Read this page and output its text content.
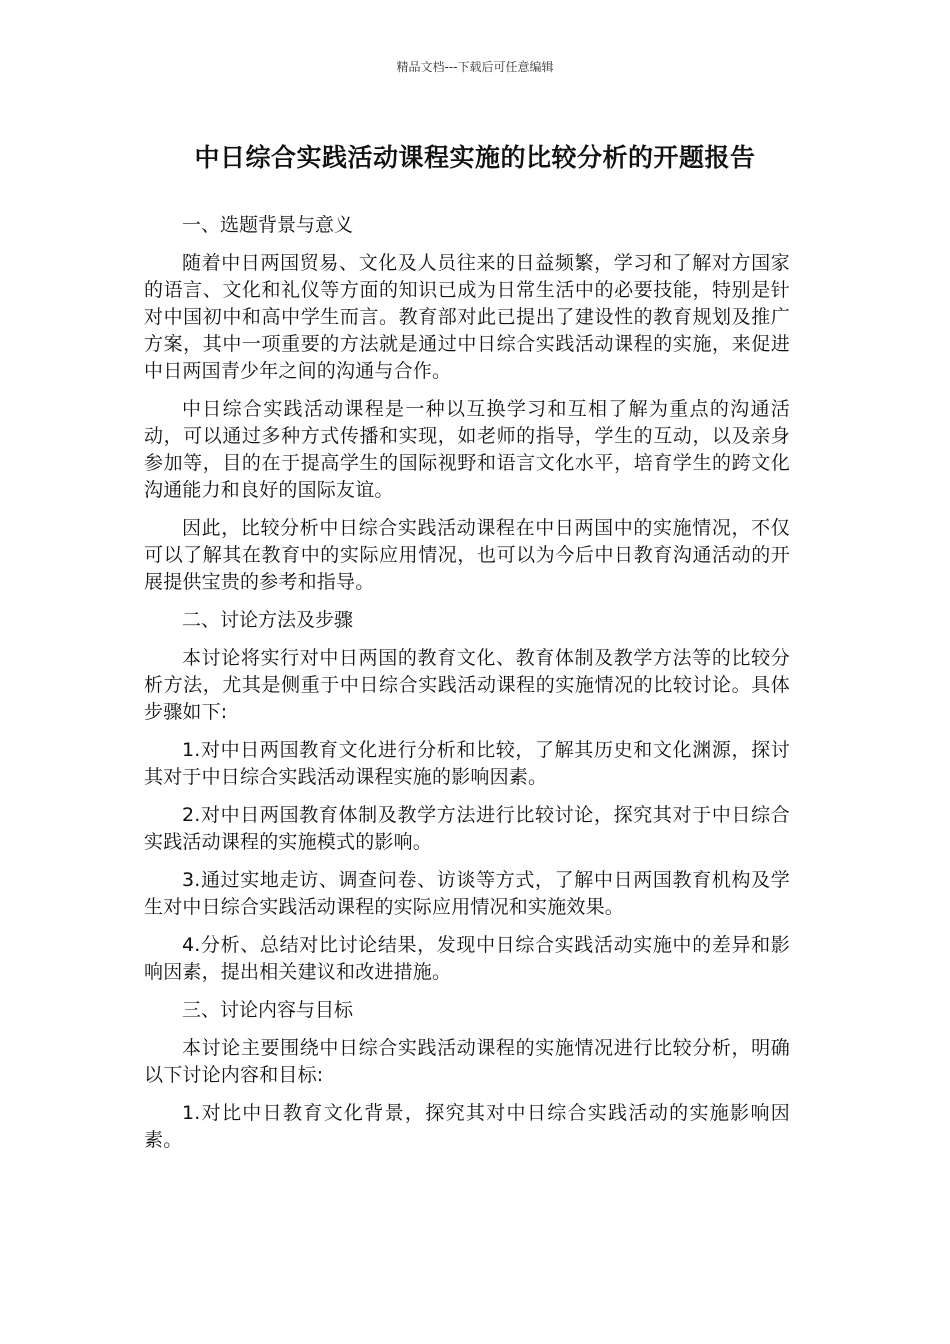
精品文档---下载后可任意编辑
中日综合实践活动课程实施的比较分析的开题报告

一、选题背景与意义

随着中日两国贸易、文化及人员往来的日益频繁，学习和了解对方国家的语言、文化和礼仪等方面的知识已成为日常生活中的必要技能，特别是针对中国初中和高中学生而言。教育部对此已提出了建设性的教育规划及推广方案，其中一项重要的方法就是通过中日综合实践活动课程的实施，来促进中日两国青少年之间的沟通与合作。

中日综合实践活动课程是一种以互换学习和互相了解为重点的沟通活动，可以通过多种方式传播和实现，如老师的指导，学生的互动，以及亲身参加等，目的在于提高学生的国际视野和语言文化水平，培育学生的跨文化沟通能力和良好的国际友谊。

因此，比较分析中日综合实践活动课程在中日两国中的实施情况，不仅可以了解其在教育中的实际应用情况，也可以为今后中日教育沟通活动的开展提供宝贵的参考和指导。

二、讨论方法及步骤

本讨论将实行对中日两国的教育文化、教育体制及教学方法等的比较分析方法，尤其是侧重于中日综合实践活动课程的实施情况的比较讨论。具体步骤如下:

1.对中日两国教育文化进行分析和比较，了解其历史和文化渊源，探讨其对于中日综合实践活动课程实施的影响因素。

2.对中日两国教育体制及教学方法进行比较讨论，探究其对于中日综合实践活动课程的实施模式的影响。

3.通过实地走访、调查问卷、访谈等方式，了解中日两国教育机构及学生对中日综合实践活动课程的实际应用情况和实施效果。

4.分析、总结对比讨论结果，发现中日综合实践活动实施中的差异和影响因素，提出相关建议和改进措施。

三、讨论内容与目标

本讨论主要围绕中日综合实践活动课程的实施情况进行比较分析，明确以下讨论内容和目标:

1.对比中日教育文化背景，探究其对中日综合实践活动的实施影响因素。
